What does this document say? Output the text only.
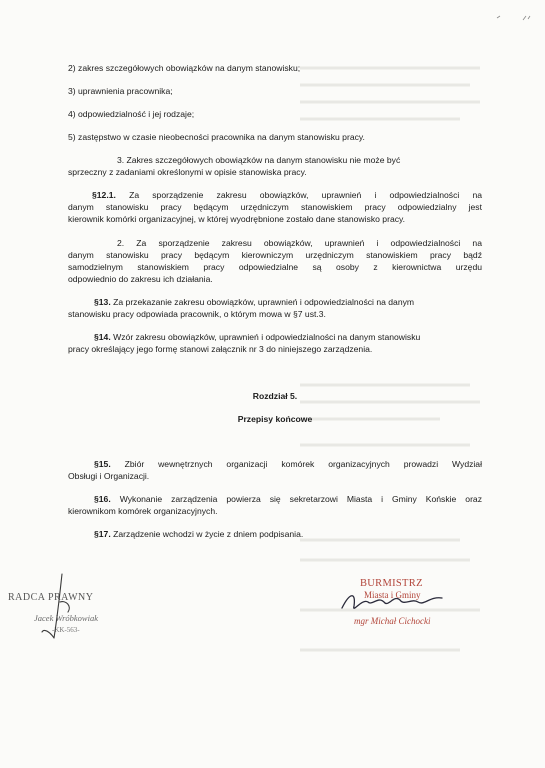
2) zakres szczegółowych obowiązków na danym stanowisku;
3) uprawnienia pracownika;
4) odpowiedzialność i jej rodzaje;
5) zastępstwo w czasie nieobecności pracownika na danym stanowisku pracy.
3. Zakres szczegółowych obowiązków na danym stanowisku nie może być
sprzeczny z zadaniami określonymi w opisie stanowiska pracy.
§12.1. Za sporządzenie zakresu obowiązków, uprawnień i odpowiedzialności na
danym stanowisku pracy będącym urzędniczym stanowiskiem pracy odpowiedzialny jest
kierownik komórki organizacyjnej, w której wyodrębnione zostało dane stanowisko pracy.
2. Za sporządzenie zakresu obowiązków, uprawnień i odpowiedzialności na
danym stanowisku pracy będącym kierowniczym urzędniczym stanowiskiem pracy bądź
samodzielnym stanowiskiem pracy odpowiedzialne są osoby z kierownictwa urzędu
odpowiednio do zakresu ich działania.
§13. Za przekazanie zakresu obowiązków, uprawnień i odpowiedzialności na danym
stanowisku pracy odpowiada pracownik, o którym mowa w §7 ust.3.
§14. Wzór zakresu obowiązków, uprawnień i odpowiedzialności na danym stanowisku
pracy określający jego formę stanowi załącznik nr 3 do niniejszego zarządzenia.
Rozdział 5.
Przepisy końcowe
§15. Zbiór wewnętrznych organizacji komórek organizacyjnych prowadzi Wydział
Obsługi i Organizacji.
§16. Wykonanie zarządzenia powierza się sekretarzowi Miasta i Gminy Końskie oraz
kierownikom komórek organizacyjnych.
§17. Zarządzenie wchodzi w życie z dniem podpisania.
RADCA PRAWNY
Jacek Wróbkowiak
-KK-563-
BURMISTRZ
Miasta i Gminy
mgr Michał Cichocki
